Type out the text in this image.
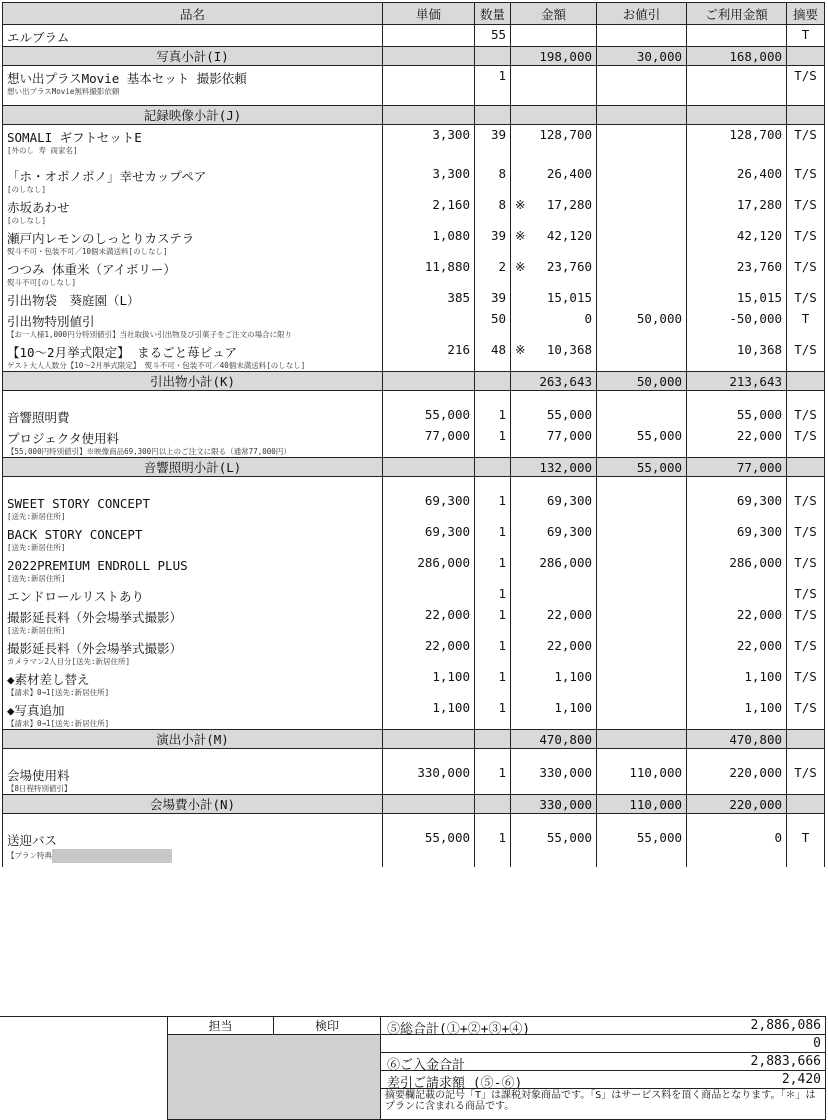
品名	単価	数量	金額	お値引	ご利用金額	摘要
エルブラム		55				T
写真小計(I)			198,000	30,000	168,000	
想い出プラスMovie 基本セット 撮影依頼
想い出プラスMovie無料撮影依頼		1				T/S
記録映像小計(J)						
SOMALI ギフトセットE
[外のし 寿 両家名]	3,300	39	128,700		128,700	T/S
「ホ・オポノポノ」幸せカップペア
[のしなし]	3,300	8	26,400		26,400	T/S
赤坂あわせ
[のしなし]	2,160	8	※ 17,280		17,280	T/S
瀬戸内レモンのしっとりカステラ
熨斗不可・包装不可／10個未満送料[のしなし]	1,080	39	※ 42,120		42,120	T/S
つつみ 体重米（アイボリー）
熨斗不可[のしなし]	11,880	2	※ 23,760		23,760	T/S
引出物袋　葵庭園（L）	385	39	15,015		15,015	T/S
引出物特別値引
【お一人様1,000円分特別値引】当社取扱い引出物及び引菓子をご注文の場合に限り		50	0	50,000	-50,000	T
【10～2月挙式限定】 まるごと苺ピュア
ゲスト大人人数分【10～2月挙式限定】 熨斗不可・包装不可／40個未満送料[のしなし]	216	48	※ 10,368		10,368	T/S
引出物小計(K)			263,643	50,000	213,643	

音響照明費	55,000	1	55,000		55,000	T/S
プロジェクタ使用料
【55,000円特別値引】※映像商品69,300円以上のご注文に限る（通常77,000円）	77,000	1	77,000	55,000	22,000	T/S
音響照明小計(L)			132,000	55,000	77,000	

SWEET STORY CONCEPT
[送先:新居住所]	69,300	1	69,300		69,300	T/S
BACK STORY CONCEPT
[送先:新居住所]	69,300	1	69,300		69,300	T/S
2022PREMIUM ENDROLL PLUS
[送先:新居住所]	286,000	1	286,000		286,000	T/S
エンドロールリストあり		1				T/S
撮影延長料（外会場挙式撮影）
[送先:新居住所]	22,000	1	22,000		22,000	T/S
撮影延長料（外会場挙式撮影）
カメラマン2人目分[送先:新居住所]	22,000	1	22,000		22,000	T/S
◆素材差し替え
【請求】0→1[送先:新居住所]	1,100	1	1,100		1,100	T/S
◆写真追加
【請求】0→1[送先:新居住所]	1,100	1	1,100		1,100	T/S
演出小計(M)			470,800		470,800	

会場使用料
【8日程特別値引】	330,000	1	330,000	110,000	220,000	T/S
会場費小計(N)			330,000	110,000	220,000	

送迎バス
【プラン特典	55,000	1	55,000	55,000	0	T
担当	検印	⑤総合計(①+②+③+④)	2,886,086
0
⑥ご入金合計	2,883,666
差引ご請求額 (⑤-⑥)	2,420
摘要欄記載の記号「T」は課税対象商品です。「S」はサービス料を頂く商品となります。「＊」はプランに含まれる商品です。
